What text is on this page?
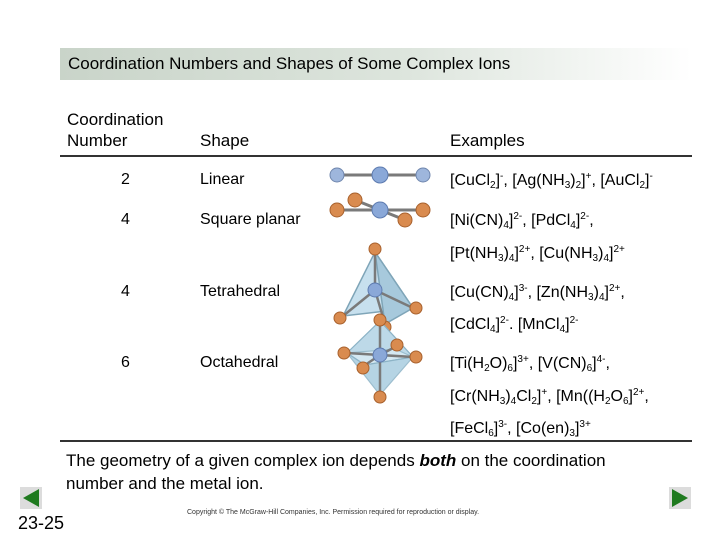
Coordination Numbers and Shapes of Some Complex Ions
Coordination
Number	Shape	Examples
2	Linear	[CuCl$_2$]-, $[Ag(NH_3)_2]^+$, [AuCl$_2$]-
4	Square planar	$[Ni(CN)_4]^{2-}$, [PdCl$_4$]$^{2-}$,
$[Pt(NH_3)_4]^{2+}$, $[Cu(NH_3)_4]^{2+}$
4	Tetrahedral	$[Cu(CN)_4]^{3-}$, $[Zn(NH_3)_4]^{2+}$,
[CdCl$_4$]$^{2-}$. [MnCl$_4$]$^{2-}$
6	Octahedral	$[Ti(H_2O)_6]^{3+}$, $[V(CN)_6]^{4-}$,
$[Cr(NH_3)_4Cl_2]^+$, [$Mn((H_2O_6]^{2+}$,
[FeCl$_6$]$^{3-}$, $[Co(en)_3]^{3+}$
The geometry of a given complex ion depends both on the coordination number and the metal ion.
23-25
Copyright © The McGraw-Hill Companies, Inc. Permission required for reproduction or display.
